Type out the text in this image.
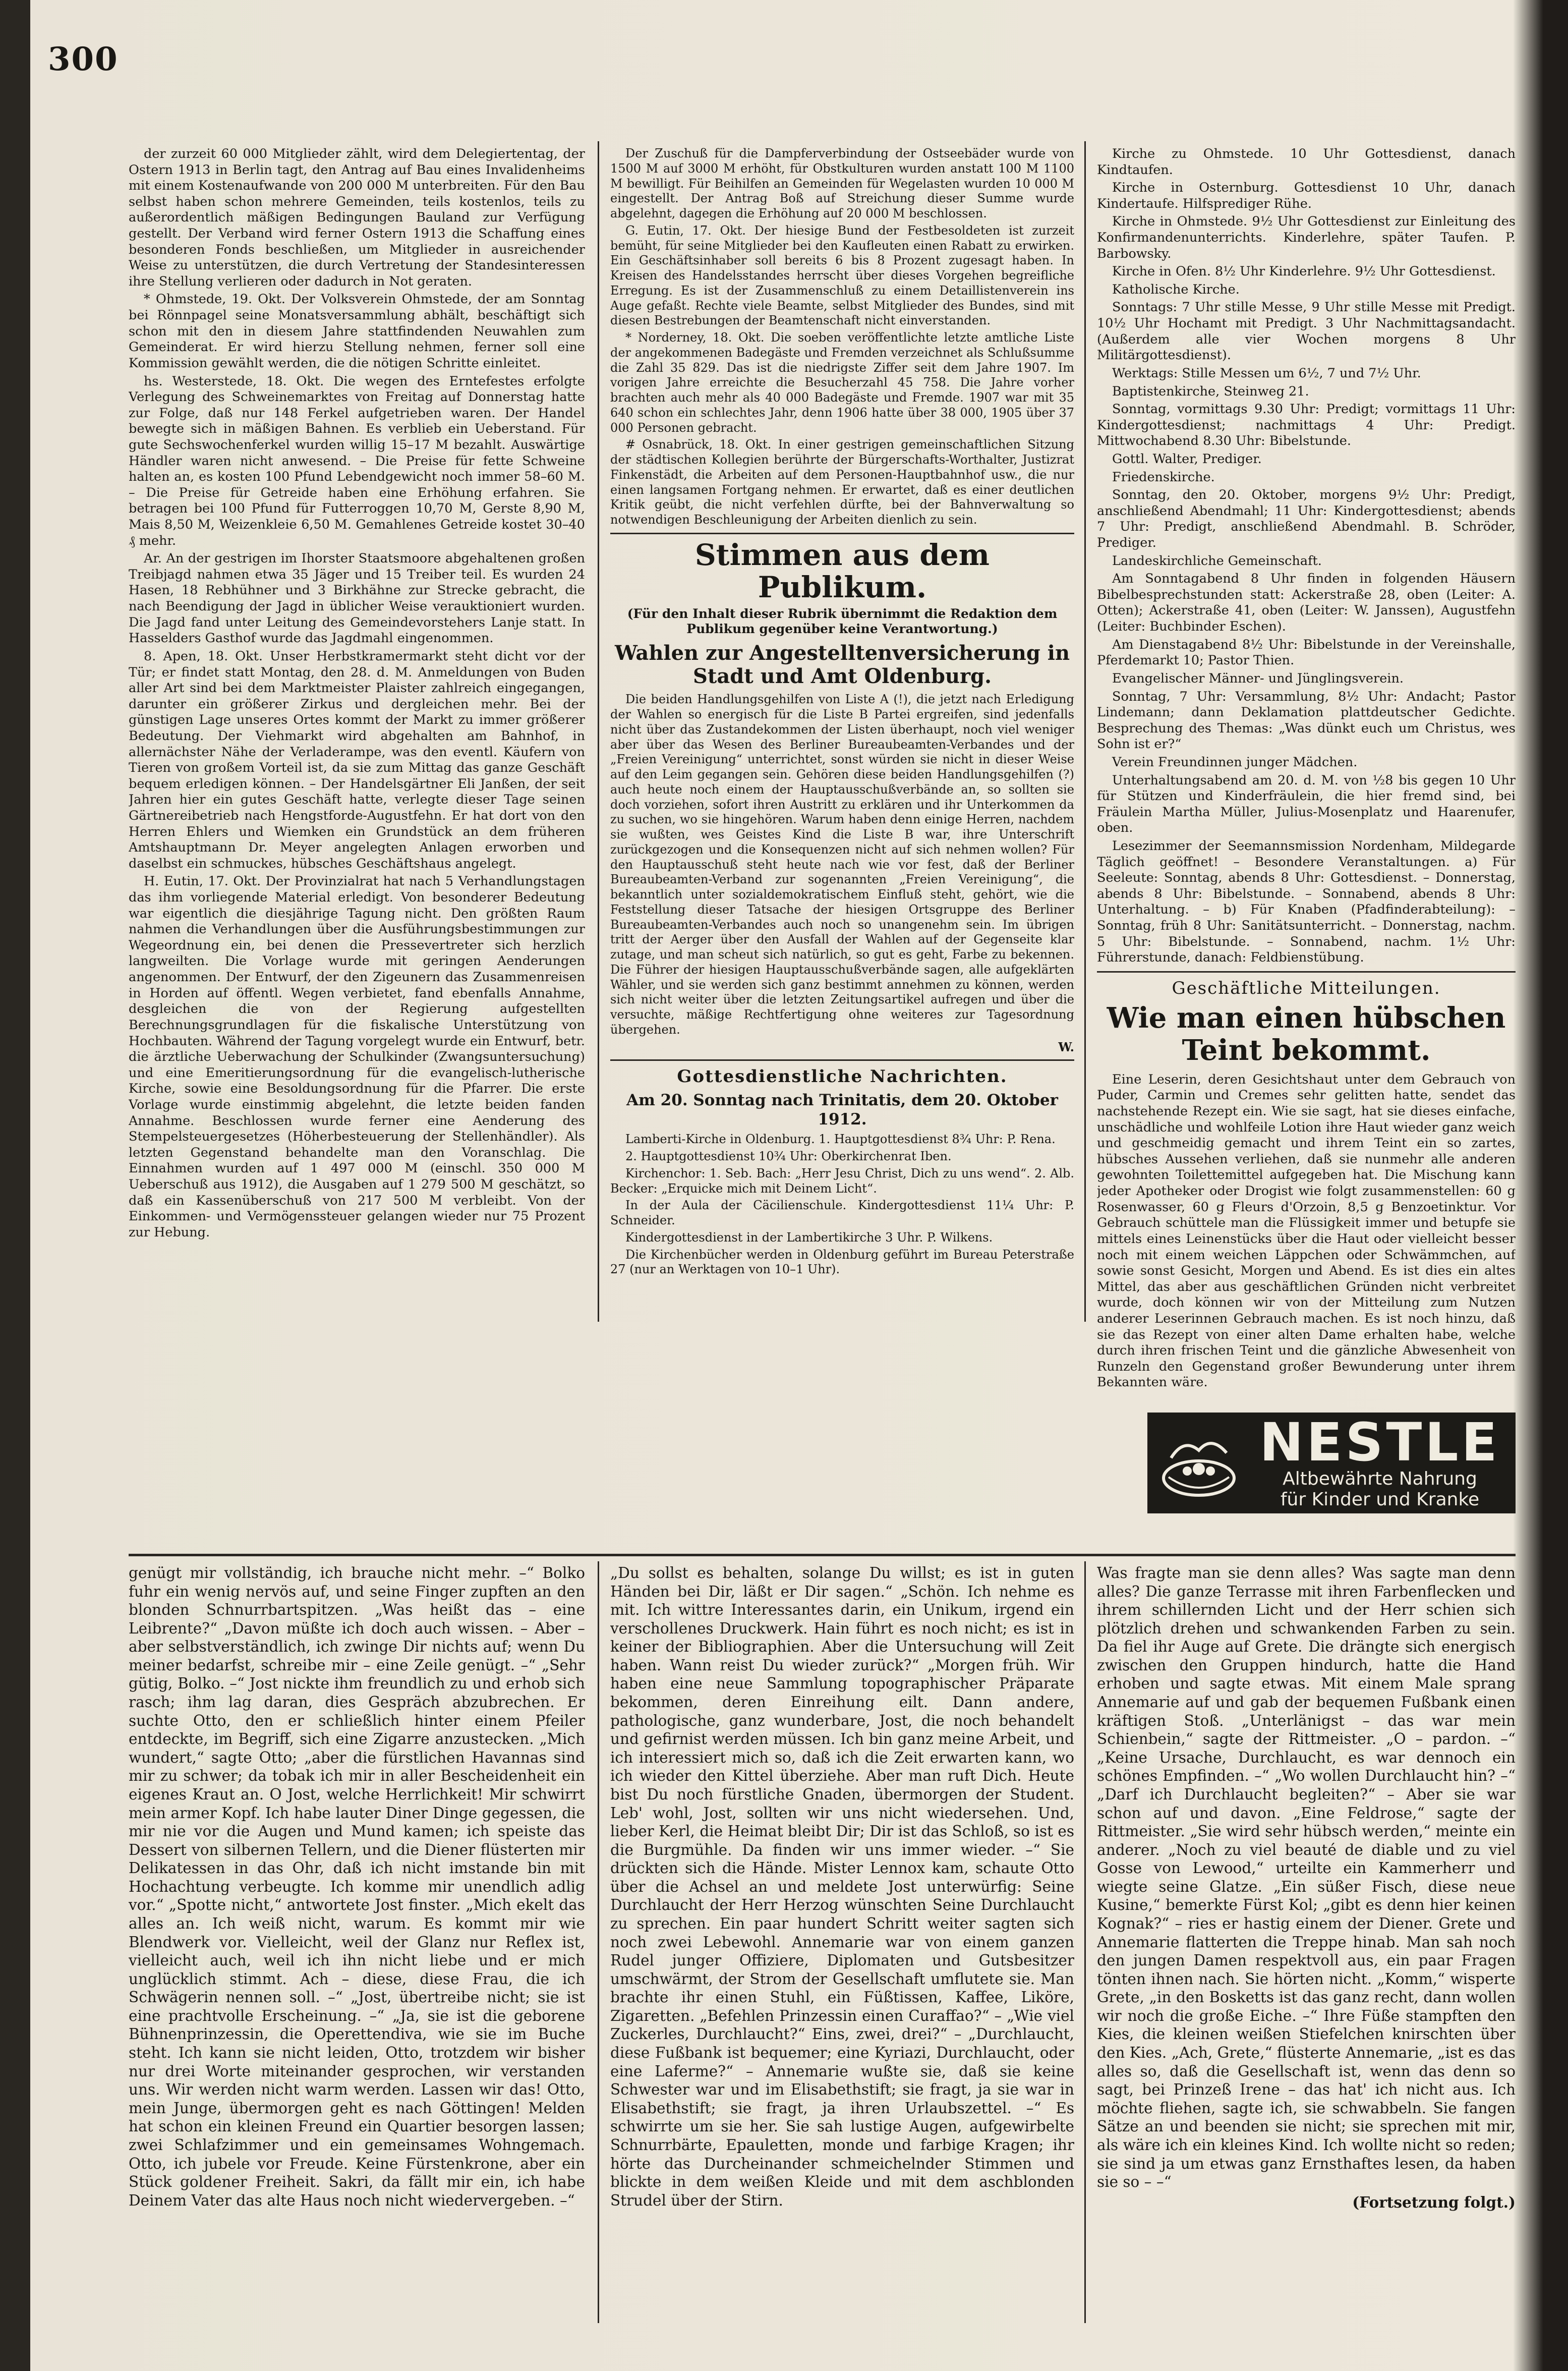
300

der zurzeit 60 000 Mitglieder zählt, wird dem Delegiertentag, der Ostern 1913 in Berlin tagt, den Antrag auf Bau eines Invalidenheims mit einem Kostenaufwande von 200 000 M unterbreiten. Für den Bau selbst haben schon mehrere Gemeinden, teils kostenlos, teils zu außerordentlich mäßigen Bedingungen Bauland zur Verfügung gestellt. Der Verband wird ferner Ostern 1913 die Schaffung eines besonderen Fonds beschließen, um Mitglieder in ausreichender Weise zu unterstützen, die durch Vertretung der Standesinteressen ihre Stellung verlieren oder dadurch in Not geraten.

* Ohmstede, 19. Okt. Der Volksverein Ohmstede, der am Sonntag bei Rönnpagel seine Monatsversammlung abhält, beschäftigt sich schon mit den in diesem Jahre stattfindenden Neuwahlen zum Gemeinderat. Er wird hierzu Stellung nehmen, ferner soll eine Kommission gewählt werden, die die nötigen Schritte einleitet.

hs. Westerstede, 18. Okt. Die wegen des Erntefestes erfolgte Verlegung des Schweinemarktes von Freitag auf Donnerstag hatte zur Folge, daß nur 148 Ferkel aufgetrieben waren. Der Handel bewegte sich in mäßigen Bahnen. Es verblieb ein Ueberstand. Für gute Sechswochenferkel wurden willig 15–17 M bezahlt. Auswärtige Händler waren nicht anwesend. – Die Preise für fette Schweine halten an, es kosten 100 Pfund Lebendgewicht noch immer 58–60 M. – Die Preise für Getreide haben eine Erhöhung erfahren. Sie betragen bei 100 Pfund für Futterroggen 10,70 M, Gerste 8,90 M, Mais 8,50 M, Weizenkleie 6,50 M. Gemahlenes Getreide kostet 30–40 ₰ mehr.

Ar. An der gestrigen im Ihorster Staatsmoore abgehaltenen großen Treibjagd nahmen etwa 35 Jäger und 15 Treiber teil. Es wurden 24 Hasen, 18 Rebhühner und 3 Birkhähne zur Strecke gebracht, die nach Beendigung der Jagd in üblicher Weise verauktioniert wurden. Die Jagd fand unter Leitung des Gemeindevorstehers Lanje statt. In Hasselders Gasthof wurde das Jagdmahl eingenommen.

8. Apen, 18. Okt. Unser Herbstkramermarkt steht dicht vor der Tür; er findet statt Montag, den 28. d. M. Anmeldungen von Buden aller Art sind bei dem Marktmeister Plaister zahlreich eingegangen, darunter ein größerer Zirkus und dergleichen mehr. Bei der günstigen Lage unseres Ortes kommt der Markt zu immer größerer Bedeutung. Der Viehmarkt wird abgehalten am Bahnhof, in allernächster Nähe der Verladerampe, was den eventl. Käufern von Tieren von großem Vorteil ist, da sie zum Mittag das ganze Geschäft bequem erledigen können. – Der Handelsgärtner Eli Janßen, der seit Jahren hier ein gutes Geschäft hatte, verlegte dieser Tage seinen Gärtnereibetrieb nach Hengstforde-Augustfehn. Er hat dort von den Herren Ehlers und Wiemken ein Grundstück an dem früheren Amtshauptmann Dr. Meyer angelegten Anlagen erworben und daselbst ein schmuckes, hübsches Geschäftshaus angelegt.

H. Eutin, 17. Okt. Der Provinzialrat hat nach 5 Verhandlungstagen das ihm vorliegende Material erledigt. Von besonderer Bedeutung war eigentlich die diesjährige Tagung nicht. Den größten Raum nahmen die Verhandlungen über die Ausführungsbestimmungen zur Wegeordnung ein, bei denen die Pressevertreter sich herzlich langweilten. Die Vorlage wurde mit geringen Aenderungen angenommen. Der Entwurf, der den Zigeunern das Zusammenreisen in Horden auf öffentl. Wegen verbietet, fand ebenfalls Annahme, desgleichen die von der Regierung aufgestellten Berechnungsgrundlagen für die fiskalische Unterstützung von Hochbauten. Während der Tagung vorgelegt wurde ein Entwurf, betr. die ärztliche Ueberwachung der Schulkinder (Zwangsuntersuchung) und eine Emeritierungsordnung für die evangelisch-lutherische Kirche, sowie eine Besoldungsordnung für die Pfarrer. Die erste Vorlage wurde einstimmig abgelehnt, die letzte beiden fanden Annahme. Beschlossen wurde ferner eine Aenderung des Stempelsteuergesetzes (Höherbesteuerung der Stellenhändler). Als letzten Gegenstand behandelte man den Voranschlag. Die Einnahmen wurden auf 1 497 000 M (einschl. 350 000 M Ueberschuß aus 1912), die Ausgaben auf 1 279 500 M geschätzt, so daß ein Kassenüberschuß von 217 500 M verbleibt. Von der Einkommen- und Vermögenssteuer gelangen wieder nur 75 Prozent zur Hebung.

Der Zuschuß für die Dampferverbindung der Ostseebäder wurde von 1500 M auf 3000 M erhöht, für Obstkulturen wurden anstatt 100 M 1100 M bewilligt. Für Beihilfen an Gemeinden für Wegelasten wurden 10 000 M eingestellt. Der Antrag Boß auf Streichung dieser Summe wurde abgelehnt, dagegen die Erhöhung auf 20 000 M beschlossen.

G. Eutin, 17. Okt. Der hiesige Bund der Festbesoldeten ist zurzeit bemüht, für seine Mitglieder bei den Kaufleuten einen Rabatt zu erwirken. Ein Geschäftsinhaber soll bereits 6 bis 8 Prozent zugesagt haben. In Kreisen des Handelsstandes herrscht über dieses Vorgehen begreifliche Erregung. Es ist der Zusammenschluß zu einem Detaillistenverein ins Auge gefaßt. Rechte viele Beamte, selbst Mitglieder des Bundes, sind mit diesen Bestrebungen der Beamtenschaft nicht einverstanden.

* Norderney, 18. Okt. Die soeben veröffentlichte letzte amtliche Liste der angekommenen Badegäste und Fremden verzeichnet als Schlußsumme die Zahl 35 829. Das ist die niedrigste Ziffer seit dem Jahre 1907. Im vorigen Jahre erreichte die Besucherzahl 45 758. Die Jahre vorher brachten auch mehr als 40 000 Badegäste und Fremde. 1907 war mit 35 640 schon ein schlechtes Jahr, denn 1906 hatte über 38 000, 1905 über 37 000 Personen gebracht.

# Osnabrück, 18. Okt. In einer gestrigen gemeinschaftlichen Sitzung der städtischen Kollegien berührte der Bürgerschafts-Worthalter, Justizrat Finkenstädt, die Arbeiten auf dem Personen-Hauptbahnhof usw., die nur einen langsamen Fortgang nehmen. Er erwartet, daß es einer deutlichen Kritik geübt, die nicht verfehlen dürfte, bei der Bahnverwaltung so notwendigen Beschleunigung der Arbeiten dienlich zu sein.

Stimmen aus dem Publikum.
(Für den Inhalt dieser Rubrik übernimmt die Redaktion dem Publikum gegenüber keine Verantwortung.)
Wahlen zur Angestelltenversicherung in Stadt und Amt Oldenburg.

Die beiden Handlungsgehilfen von Liste A (!), die jetzt nach Erledigung der Wahlen so energisch für die Liste B Partei ergreifen, sind jedenfalls nicht über das Zustandekommen der Listen überhaupt, noch viel weniger aber über das Wesen des Berliner Bureaubeamten-Verbandes und der „Freien Vereinigung“ unterrichtet, sonst würden sie nicht in dieser Weise auf den Leim gegangen sein. Gehören diese beiden Handlungsgehilfen (?) auch heute noch einem der Hauptausschußverbände an, so sollten sie doch vorziehen, sofort ihren Austritt zu erklären und ihr Unterkommen da zu suchen, wo sie hingehören. Warum haben denn einige Herren, nachdem sie wußten, wes Geistes Kind die Liste B war, ihre Unterschrift zurückgezogen und die Konsequenzen nicht auf sich nehmen wollen? Für den Hauptausschuß steht heute nach wie vor fest, daß der Berliner Bureaubeamten-Verband zur sogenannten „Freien Vereinigung“, die bekanntlich unter sozialdemokratischem Einfluß steht, gehört, wie die Feststellung dieser Tatsache der hiesigen Ortsgruppe des Berliner Bureaubeamten-Verbandes auch noch so unangenehm sein. Im übrigen tritt der Aerger über den Ausfall der Wahlen auf der Gegenseite klar zutage, und man scheut sich natürlich, so gut es geht, Farbe zu bekennen. Die Führer der hiesigen Hauptausschußverbände sagen, alle aufgeklärten Wähler, und sie werden sich ganz bestimmt annehmen zu können, werden sich nicht weiter über die letzten Zeitungsartikel aufregen und über die versuchte, mäßige Rechtfertigung ohne weiteres zur Tagesordnung übergehen.

W.
Gottesdienstliche Nachrichten.
Am 20. Sonntag nach Trinitatis, dem 20. Oktober 1912.

Lamberti-Kirche in Oldenburg. 1. Hauptgottesdienst 8¾ Uhr: P. Rena.

2. Hauptgottesdienst 10¾ Uhr: Oberkirchenrat Iben.

Kirchenchor: 1. Seb. Bach: „Herr Jesu Christ, Dich zu uns wend“. 2. Alb. Becker: „Erquicke mich mit Deinem Licht“.

In der Aula der Cäcilienschule. Kindergottesdienst 11¼ Uhr: P. Schneider.

Kindergottesdienst in der Lambertikirche 3 Uhr. P. Wilkens.

Die Kirchenbücher werden in Oldenburg geführt im Bureau Peterstraße 27 (nur an Werktagen von 10–1 Uhr).

Kirche zu Ohmstede. 10 Uhr Gottesdienst, danach Kindtaufen.

Kirche in Osternburg. Gottesdienst 10 Uhr, danach Kindertaufe. Hilfsprediger Rühe.

Kirche in Ohmstede. 9½ Uhr Gottesdienst zur Einleitung des Konfirmandenunterrichts. Kinderlehre, später Taufen. P. Barbowsky.

Kirche in Ofen. 8½ Uhr Kinderlehre. 9½ Uhr Gottesdienst.

Katholische Kirche.

Sonntags: 7 Uhr stille Messe, 9 Uhr stille Messe mit Predigt. 10½ Uhr Hochamt mit Predigt. 3 Uhr Nachmittagsandacht. (Außerdem alle vier Wochen morgens 8 Uhr Militärgottesdienst).

Werktags: Stille Messen um 6½, 7 und 7½ Uhr.

Baptistenkirche, Steinweg 21.

Sonntag, vormittags 9.30 Uhr: Predigt; vormittags 11 Uhr: Kindergottesdienst; nachmittags 4 Uhr: Predigt. Mittwochabend 8.30 Uhr: Bibelstunde.

Gottl. Walter, Prediger.

Friedenskirche.

Sonntag, den 20. Oktober, morgens 9½ Uhr: Predigt, anschließend Abendmahl; 11 Uhr: Kindergottesdienst; abends 7 Uhr: Predigt, anschließend Abendmahl. B. Schröder, Prediger.

Landeskirchliche Gemeinschaft.

Am Sonntagabend 8 Uhr finden in folgenden Häusern Bibelbesprechstunden statt: Ackerstraße 28, oben (Leiter: A. Otten); Ackerstraße 41, oben (Leiter: W. Janssen), Augustfehn (Leiter: Buchbinder Eschen).

Am Dienstagabend 8½ Uhr: Bibelstunde in der Vereinshalle, Pferdemarkt 10; Pastor Thien.

Evangelischer Männer- und Jünglingsverein.

Sonntag, 7 Uhr: Versammlung, 8½ Uhr: Andacht; Pastor Lindemann; dann Deklamation plattdeutscher Gedichte. Besprechung des Themas: „Was dünkt euch um Christus, wes Sohn ist er?“

Verein Freundinnen junger Mädchen.

Unterhaltungsabend am 20. d. M. von ½8 bis gegen 10 Uhr für Stützen und Kinderfräulein, die hier fremd sind, bei Fräulein Martha Müller, Julius-Mosenplatz und Haarenufer, oben.

Lesezimmer der Seemannsmission Nordenham, Mildegarde Täglich geöffnet! – Besondere Veranstaltungen. a) Für Seeleute: Sonntag, abends 8 Uhr: Gottesdienst. – Donnerstag, abends 8 Uhr: Bibelstunde. – Sonnabend, abends 8 Uhr: Unterhaltung. – b) Für Knaben (Pfadfinderabteilung): – Sonntag, früh 8 Uhr: Sanitätsunterricht. – Donnerstag, nachm. 5 Uhr: Bibelstunde. – Sonnabend, nachm. 1½ Uhr: Führerstunde, danach: Feldbienstübung.

Geschäftliche Mitteilungen.
Wie man einen hübschen Teint bekommt.

Eine Leserin, deren Gesichtshaut unter dem Gebrauch von Puder, Carmin und Cremes sehr gelitten hatte, sendet das nachstehende Rezept ein. Wie sie sagt, hat sie dieses einfache, unschädliche und wohlfeile Lotion ihre Haut wieder ganz weich und geschmeidig gemacht und ihrem Teint ein so zartes, hübsches Aussehen verliehen, daß sie nunmehr alle anderen gewohnten Toilettemittel aufgegeben hat. Die Mischung kann jeder Apotheker oder Drogist wie folgt zusammenstellen: 60 g Rosenwasser, 60 g Fleurs d'Orzoin, 8,5 g Benzoetinktur. Vor Gebrauch schüttele man die Flüssigkeit immer und betupfe sie mittels eines Leinenstücks über die Haut oder vielleicht besser noch mit einem weichen Läppchen oder Schwämmchen, auf sowie sonst Gesicht, Morgen und Abend. Es ist dies ein altes Mittel, das aber aus geschäftlichen Gründen nicht verbreitet wurde, doch können wir von der Mitteilung zum Nutzen anderer Leserinnen Gebrauch machen. Es ist noch hinzu, daß sie das Rezept von einer alten Dame erhalten habe, welche durch ihren frischen Teint und die gänzliche Abwesenheit von Runzeln den Gegenstand großer Bewunderung unter ihrem Bekannten wäre.

NESTLE
Altbewährte Nahrung
für Kinder und Kranke

genügt mir vollständig, ich brauche nicht mehr. –“ Bolko fuhr ein wenig nervös auf, und seine Finger zupften an den blonden Schnurrbartspitzen. „Was heißt das – eine Leibrente?“ „Davon müßte ich doch auch wissen. – Aber – aber selbstverständlich, ich zwinge Dir nichts auf; wenn Du meiner bedarfst, schreibe mir – eine Zeile genügt. –“ „Sehr gütig, Bolko. –“ Jost nickte ihm freundlich zu und erhob sich rasch; ihm lag daran, dies Gespräch abzubrechen. Er suchte Otto, den er schließlich hinter einem Pfeiler entdeckte, im Begriff, sich eine Zigarre anzustecken. „Mich wundert,“ sagte Otto; „aber die fürstlichen Havannas sind mir zu schwer; da tobak ich mir in aller Bescheidenheit ein eigenes Kraut an. O Jost, welche Herrlichkeit! Mir schwirrt mein armer Kopf. Ich habe lauter Diner Dinge gegessen, die mir nie vor die Augen und Mund kamen; ich speiste das Dessert von silbernen Tellern, und die Diener flüsterten mir Delikatessen in das Ohr, daß ich nicht imstande bin mit Hochachtung verbeugte. Ich komme mir unendlich adlig vor.“ „Spotte nicht,“ antwortete Jost finster. „Mich ekelt das alles an. Ich weiß nicht, warum. Es kommt mir wie Blendwerk vor. Vielleicht, weil der Glanz nur Reflex ist, vielleicht auch, weil ich ihn nicht liebe und er mich unglücklich stimmt. Ach – diese, diese Frau, die ich Schwägerin nennen soll. –“ „Jost, übertreibe nicht; sie ist eine prachtvolle Erscheinung. –“ „Ja, sie ist die geborene Bühnenprinzessin, die Operettendiva, wie sie im Buche steht. Ich kann sie nicht leiden, Otto, trotzdem wir bisher nur drei Worte miteinander gesprochen, wir verstanden uns. Wir werden nicht warm werden. Lassen wir das! Otto, mein Junge, übermorgen geht es nach Göttingen! Melden hat schon ein kleinen Freund ein Quartier besorgen lassen; zwei Schlafzimmer und ein gemeinsames Wohngemach. Otto, ich jubele vor Freude. Keine Fürstenkrone, aber ein Stück goldener Freiheit. Sakri, da fällt mir ein, ich habe Deinem Vater das alte Haus noch nicht wiedervergeben. –“

„Du sollst es behalten, solange Du willst; es ist in guten Händen bei Dir, läßt er Dir sagen.“ „Schön. Ich nehme es mit. Ich wittre Interessantes darin, ein Unikum, irgend ein verschollenes Druckwerk. Hain führt es noch nicht; es ist in keiner der Bibliographien. Aber die Untersuchung will Zeit haben. Wann reist Du wieder zurück?“ „Morgen früh. Wir haben eine neue Sammlung topographischer Präparate bekommen, deren Einreihung eilt. Dann andere, pathologische, ganz wunderbare, Jost, die noch behandelt und gefirnist werden müssen. Ich bin ganz meine Arbeit, und ich interessiert mich so, daß ich die Zeit erwarten kann, wo ich wieder den Kittel überziehe. Aber man ruft Dich. Heute bist Du noch fürstliche Gnaden, übermorgen der Student. Leb' wohl, Jost, sollten wir uns nicht wiedersehen. Und, lieber Kerl, die Heimat bleibt Dir; Dir ist das Schloß, so ist es die Burgmühle. Da finden wir uns immer wieder. –“ Sie drückten sich die Hände. Mister Lennox kam, schaute Otto über die Achsel an und meldete Jost unterwürfig: Seine Durchlaucht der Herr Herzog wünschten Seine Durchlaucht zu sprechen. Ein paar hundert Schritt weiter sagten sich noch zwei Lebewohl. Annemarie war von einem ganzen Rudel junger Offiziere, Diplomaten und Gutsbesitzer umschwärmt, der Strom der Gesellschaft umflutete sie. Man brachte ihr einen Stuhl, ein Füßtissen, Kaffee, Liköre, Zigaretten. „Befehlen Prinzessin einen Curaffao?“ – „Wie viel Zuckerles, Durchlaucht?“ Eins, zwei, drei?“ – „Durchlaucht, diese Fußbank ist bequemer; eine Kyriazi, Durchlaucht, oder eine Laferme?“ – Annemarie wußte sie, daß sie keine Schwester war und im Elisabethstift; sie fragt, ja sie war in Elisabethstift; sie fragt, ja ihren Urlaubszettel. –“ Es schwirrte um sie her. Sie sah lustige Augen, aufgewirbelte Schnurrbärte, Epauletten, monde und farbige Kragen; ihr hörte das Durcheinander schmeichelnder Stimmen und blickte in dem weißen Kleide und mit dem aschblonden Strudel über der Stirn.

Was fragte man sie denn alles? Was sagte man denn alles? Die ganze Terrasse mit ihren Farbenflecken und ihrem schillernden Licht und der Herr schien sich plötzlich drehen und schwankenden Farben zu sein. Da fiel ihr Auge auf Grete. Die drängte sich energisch zwischen den Gruppen hindurch, hatte die Hand erhoben und sagte etwas. Mit einem Male sprang Annemarie auf und gab der bequemen Fußbank einen kräftigen Stoß. „Unterlänigst – das war mein Schienbein,“ sagte der Rittmeister. „O – pardon. –“ „Keine Ursache, Durchlaucht, es war dennoch ein schönes Empfinden. –“ „Wo wollen Durchlaucht hin? –“ „Darf ich Durchlaucht begleiten?“ – Aber sie war schon auf und davon. „Eine Feldrose,“ sagte der Rittmeister. „Sie wird sehr hübsch werden,“ meinte ein anderer. „Noch zu viel beauté de diable und zu viel Gosse von Lewood,“ urteilte ein Kammerherr und wiegte seine Glatze. „Ein süßer Fisch, diese neue Kusine,“ bemerkte Fürst Kol; „gibt es denn hier keinen Kognak?“ – ries er hastig einem der Diener. Grete und Annemarie flatterten die Treppe hinab. Man sah noch den jungen Damen respektvoll aus, ein paar Fragen tönten ihnen nach. Sie hörten nicht. „Komm,“ wisperte Grete, „in den Bosketts ist das ganz recht, dann wollen wir noch die große Eiche. –“ Ihre Füße stampften den Kies, die kleinen weißen Stiefelchen knirschten über den Kies. „Ach, Grete,“ flüsterte Annemarie, „ist es das alles so, daß die Gesellschaft ist, wenn das denn so sagt, bei Prinzeß Irene – das hat' ich nicht aus. Ich möchte fliehen, sagte ich, sie schwabbeln. Sie fangen Sätze an und beenden sie nicht; sie sprechen mit mir, als wäre ich ein kleines Kind. Ich wollte nicht so reden; sie sind ja um etwas ganz Ernsthaftes lesen, da haben sie so – –“

(Fortsetzung folgt.)
